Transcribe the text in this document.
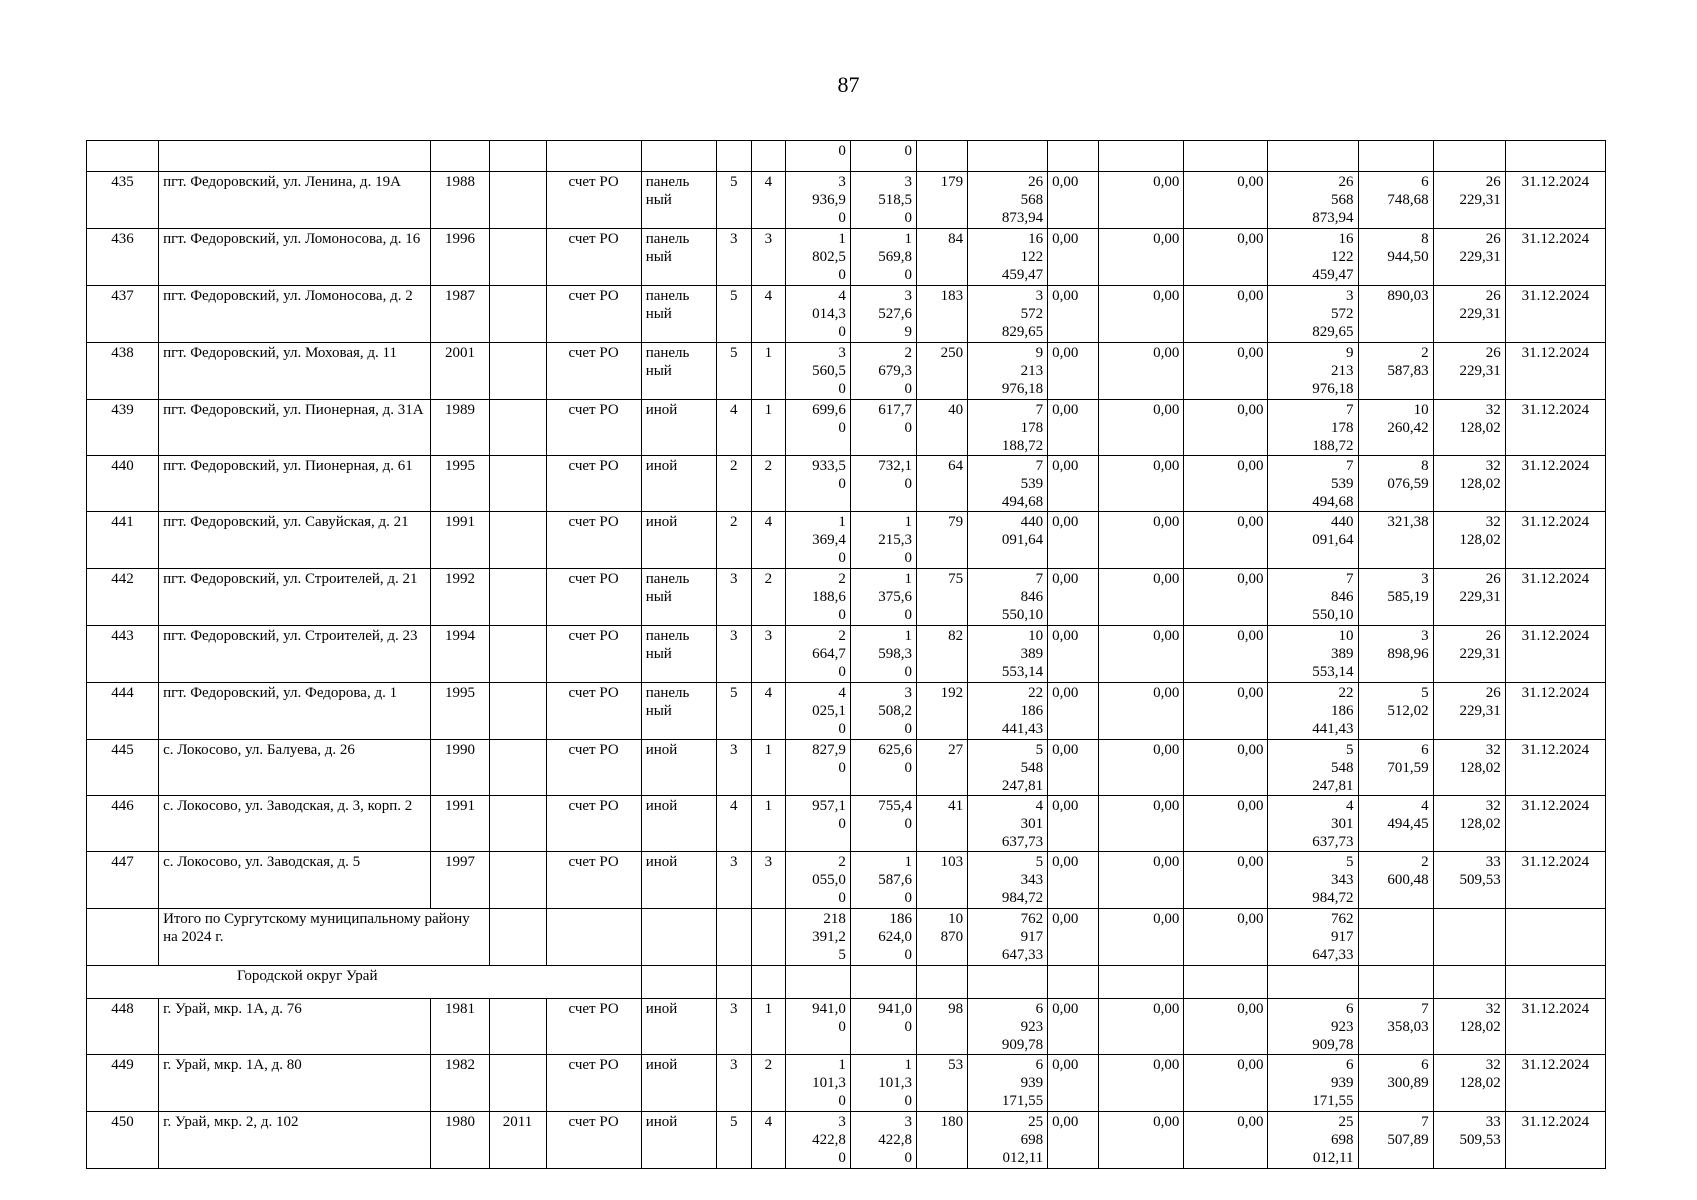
87
								0	0									
435	пгт. Федоровский, ул. Ленина, д. 19А	1988		счет РО	панель ный	5	4	3
936,9
0	3
518,5
0	179	26
568
873,94	0,00	0,00	0,00	26
568
873,94	6
748,68	26
229,31	31.12.2024
436	пгт. Федоровский, ул. Ломоносова, д. 16	1996		счет РО	панель ный	3	3	1
802,5
0	1
569,8
0	84	16
122
459,47	0,00	0,00	0,00	16
122
459,47	8
944,50	26
229,31	31.12.2024
437	пгт. Федоровский, ул. Ломоносова, д. 2	1987		счет РО	панель ный	5	4	4
014,3
0	3
527,6
9	183	3
572
829,65	0,00	0,00	0,00	3
572
829,65	890,03	26
229,31	31.12.2024
438	пгт. Федоровский, ул. Моховая, д. 11	2001		счет РО	панель ный	5	1	3
560,5
0	2
679,3
0	250	9
213
976,18	0,00	0,00	0,00	9
213
976,18	2
587,83	26
229,31	31.12.2024
439	пгт. Федоровский, ул. Пионерная, д. 31А	1989		счет РО	иной	4	1	699,6
0	617,7
0	40	7
178
188,72	0,00	0,00	0,00	7
178
188,72	10
260,42	32
128,02	31.12.2024
440	пгт. Федоровский, ул. Пионерная, д. 61	1995		счет РО	иной	2	2	933,5
0	732,1
0	64	7
539
494,68	0,00	0,00	0,00	7
539
494,68	8
076,59	32
128,02	31.12.2024
441	пгт. Федоровский, ул. Савуйская, д. 21	1991		счет РО	иной	2	4	1
369,4
0	1
215,3
0	79	440
091,64	0,00	0,00	0,00	440
091,64	321,38	32
128,02	31.12.2024
442	пгт. Федоровский, ул. Строителей, д. 21	1992		счет РО	панель ный	3	2	2
188,6
0	1
375,6
0	75	7
846
550,10	0,00	0,00	0,00	7
846
550,10	3
585,19	26
229,31	31.12.2024
443	пгт. Федоровский, ул. Строителей, д. 23	1994		счет РО	панель ный	3	3	2
664,7
0	1
598,3
0	82	10
389
553,14	0,00	0,00	0,00	10
389
553,14	3
898,96	26
229,31	31.12.2024
444	пгт. Федоровский, ул. Федорова, д. 1	1995		счет РО	панель ный	5	4	4
025,1
0	3
508,2
0	192	22
186
441,43	0,00	0,00	0,00	22
186
441,43	5
512,02	26
229,31	31.12.2024
445	с. Локосово, ул. Балуева, д. 26	1990		счет РО	иной	3	1	827,9
0	625,6
0	27	5
548
247,81	0,00	0,00	0,00	5
548
247,81	6
701,59	32
128,02	31.12.2024
446	с. Локосово, ул. Заводская, д. 3, корп. 2	1991		счет РО	иной	4	1	957,1
0	755,4
0	41	4
301
637,73	0,00	0,00	0,00	4
301
637,73	4
494,45	32
128,02	31.12.2024
447	с. Локосово, ул. Заводская, д. 5	1997		счет РО	иной	3	3	2
055,0
0	1
587,6
0	103	5
343
984,72	0,00	0,00	0,00	5
343
984,72	2
600,48	33
509,53	31.12.2024
	Итого по Сургутскому муниципальному району на 2024 г.							218
391,2
5	186
624,0
0	10
870	762
917
647,33	0,00	0,00	0,00	762
917
647,33			
Городской округ Урай																		
448	г. Урай, мкр. 1А, д. 76	1981		счет РО	иной	3	1	941,0
0	941,0
0	98	6
923
909,78	0,00	0,00	0,00	6
923
909,78	7
358,03	32
128,02	31.12.2024
449	г. Урай, мкр. 1А, д. 80	1982		счет РО	иной	3	2	1
101,3
0	1
101,3
0	53	6
939
171,55	0,00	0,00	0,00	6
939
171,55	6
300,89	32
128,02	31.12.2024
450	г. Урай, мкр. 2, д. 102	1980	2011	счет РО	иной	5	4	3
422,8
0	3
422,8
0	180	25
698
012,11	0,00	0,00	0,00	25
698
012,11	7
507,89	33
509,53	31.12.2024
